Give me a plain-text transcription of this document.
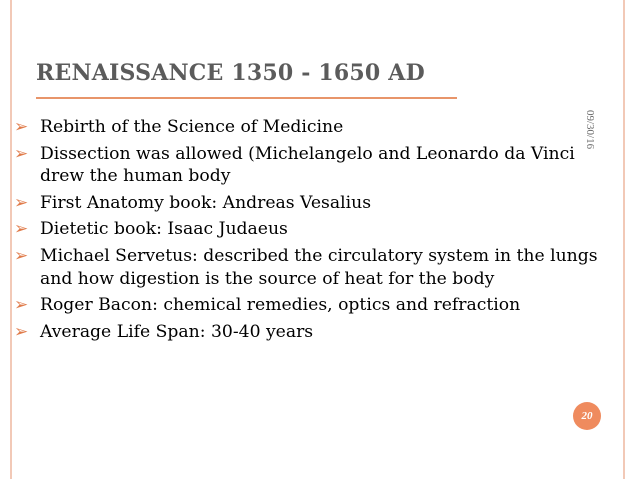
RENAISSANCE 1350 - 1650 AD
09/30/16
➢ Rebirth of the Science of Medicine
➢ Dissection was allowed (Michelangelo and Leonardo da Vinci drew the human body
➢ First Anatomy book: Andreas Vesalius
➢ Dietetic book: Isaac Judaeus
➢ Michael Servetus: described the circulatory system in the lungs and how digestion is the source of heat for the body
➢ Roger Bacon: chemical remedies, optics and refraction
➢ Average Life Span: 30-40 years
20
